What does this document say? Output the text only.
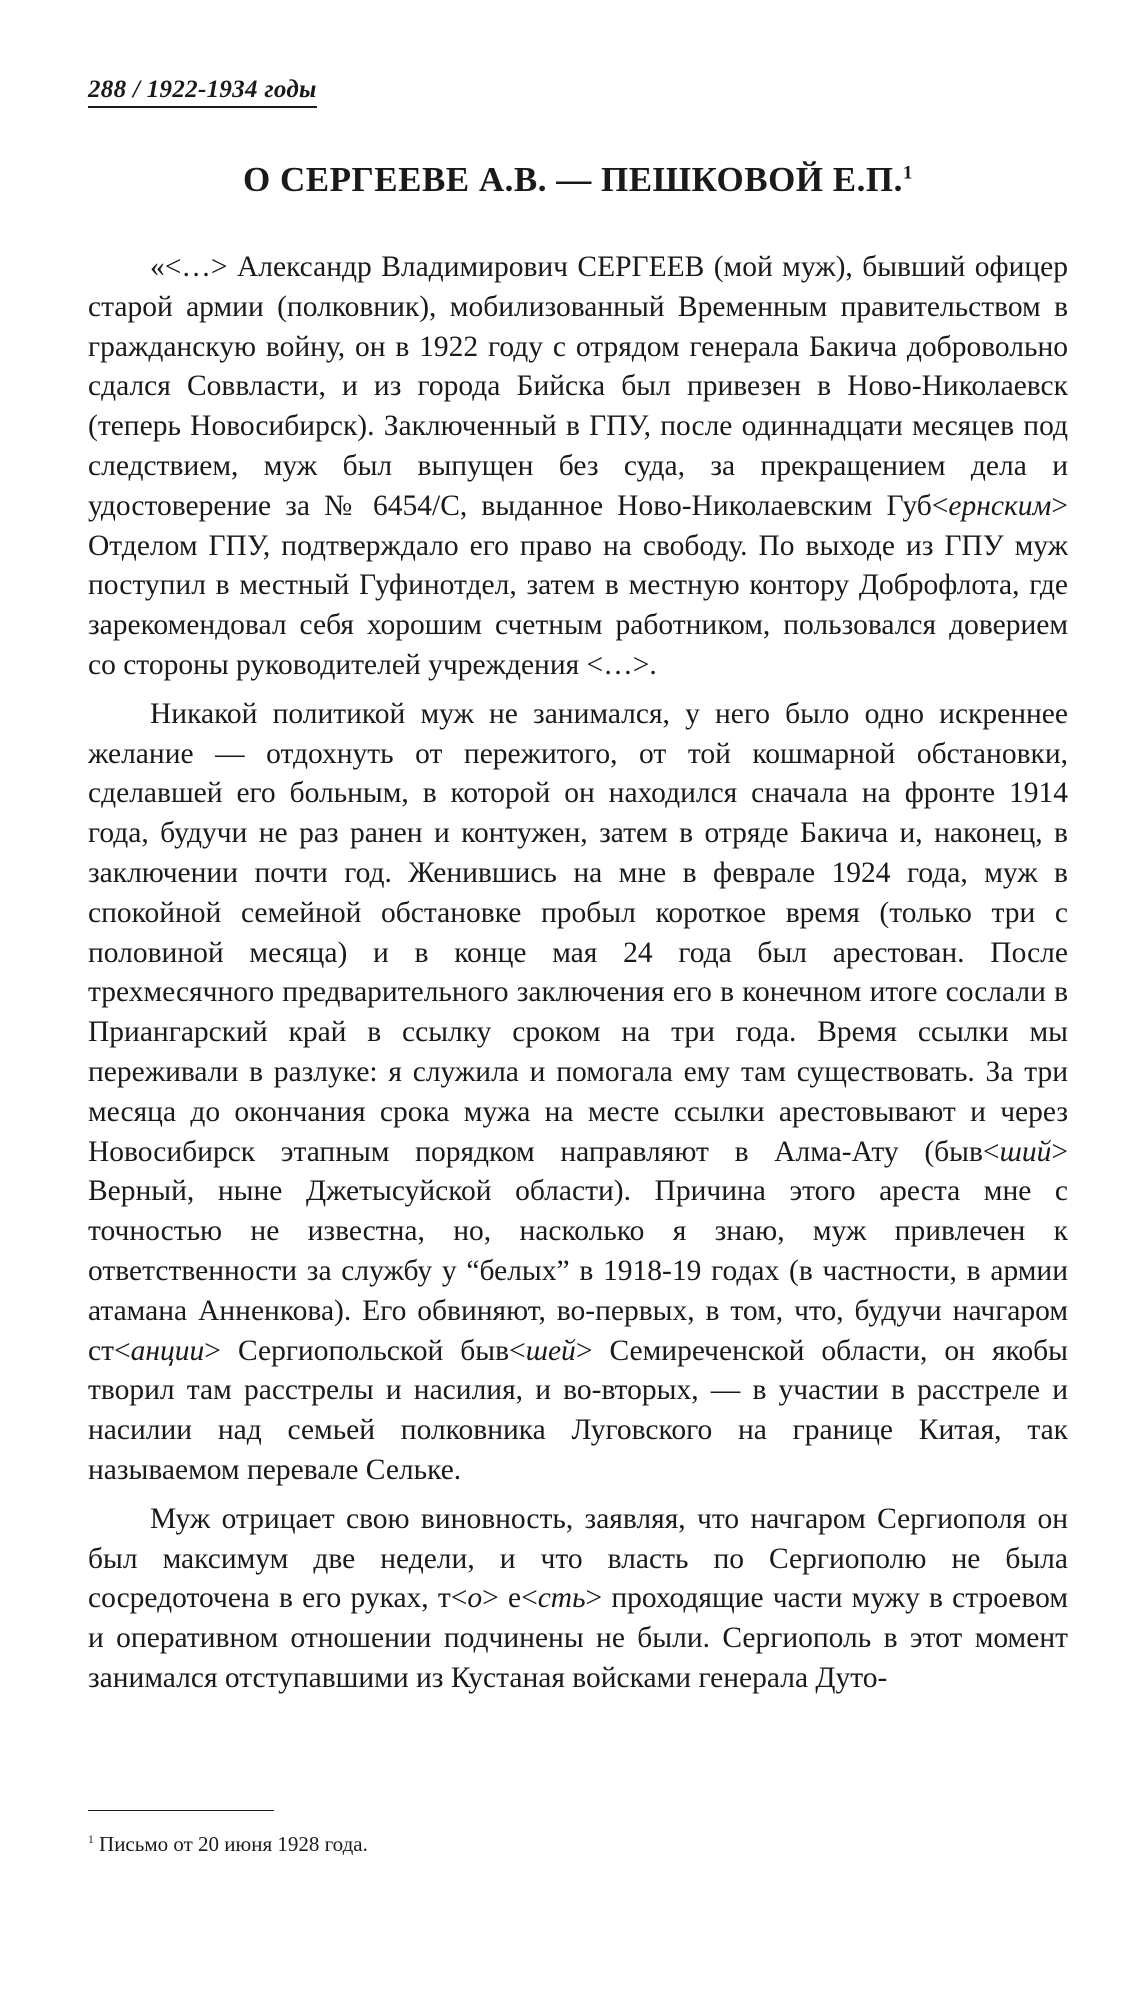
288 / 1922-1934 годы
О СЕРГЕЕВЕ А.В. — ПЕШКОВОЙ Е.П.$^1$

«<…> Александр Владимирович СЕРГЕЕВ (мой муж), бывший офицер старой армии (полковник), мобилизованный Временным правительством в гражданскую войну, он в 1922 году с отрядом генерала Бакича добровольно сдался Соввласти, и из города Бийска был привезен в Ново-Николаевск (теперь Новосибирск). Заключенный в ГПУ, после одиннадцати месяцев под следствием, муж был выпущен без суда, за прекращением дела и удостоверение за № 6454/С, выданное Ново-Николаевским Губ<ернским> Отделом ГПУ, подтверждало его право на свободу. По выходе из ГПУ муж поступил в местный Гуфинотдел, затем в местную контору Доброфлота, где зарекомендовал себя хорошим счетным работником, пользовался доверием со стороны руководителей учреждения <…>.

Никакой политикой муж не занимался, у него было одно искреннее желание — отдохнуть от пережитого, от той кошмарной обстановки, сделавшей его больным, в которой он находился сначала на фронте 1914 года, будучи не раз ранен и контужен, затем в отряде Бакича и, наконец, в заключении почти год. Женившись на мне в феврале 1924 года, муж в спокойной семейной обстановке пробыл короткое время (только три с половиной месяца) и в конце мая 24 года был арестован. После трехмесячного предварительного заключения его в конечном итоге сослали в Приангарский край в ссылку сроком на три года. Время ссылки мы переживали в разлуке: я служила и помогала ему там существовать. За три месяца до окончания срока мужа на месте ссылки арестовывают и через Новосибирск этапным порядком направляют в Алма-Ату (быв<ший> Верный, ныне Джетысуйской области). Причина этого ареста мне с точностью не известна, но, насколько я знаю, муж привлечен к ответственности за службу у “белых” в 1918-19 годах (в частности, в армии атамана Анненкова). Его обвиняют, во-первых, в том, что, будучи начгаром ст<анции> Сергиопольской быв<шей> Семиреченской области, он якобы творил там расстрелы и насилия, и во-вторых, — в участии в расстреле и насилии над семьей полковника Луговского на границе Китая, так называемом перевале Сельке.

Муж отрицает свою виновность, заявляя, что начгаром Сергиополя он был максимум две недели, и что власть по Сергиополю не была сосредоточена в его руках, т<о> е<сть> проходящие части мужу в строевом и оперативном отношении подчинены не были. Сергиополь в этот момент занимался отступавшими из Кустаная войсками генерала Дуто-

$^1$ Письмо от 20 июня 1928 года.
